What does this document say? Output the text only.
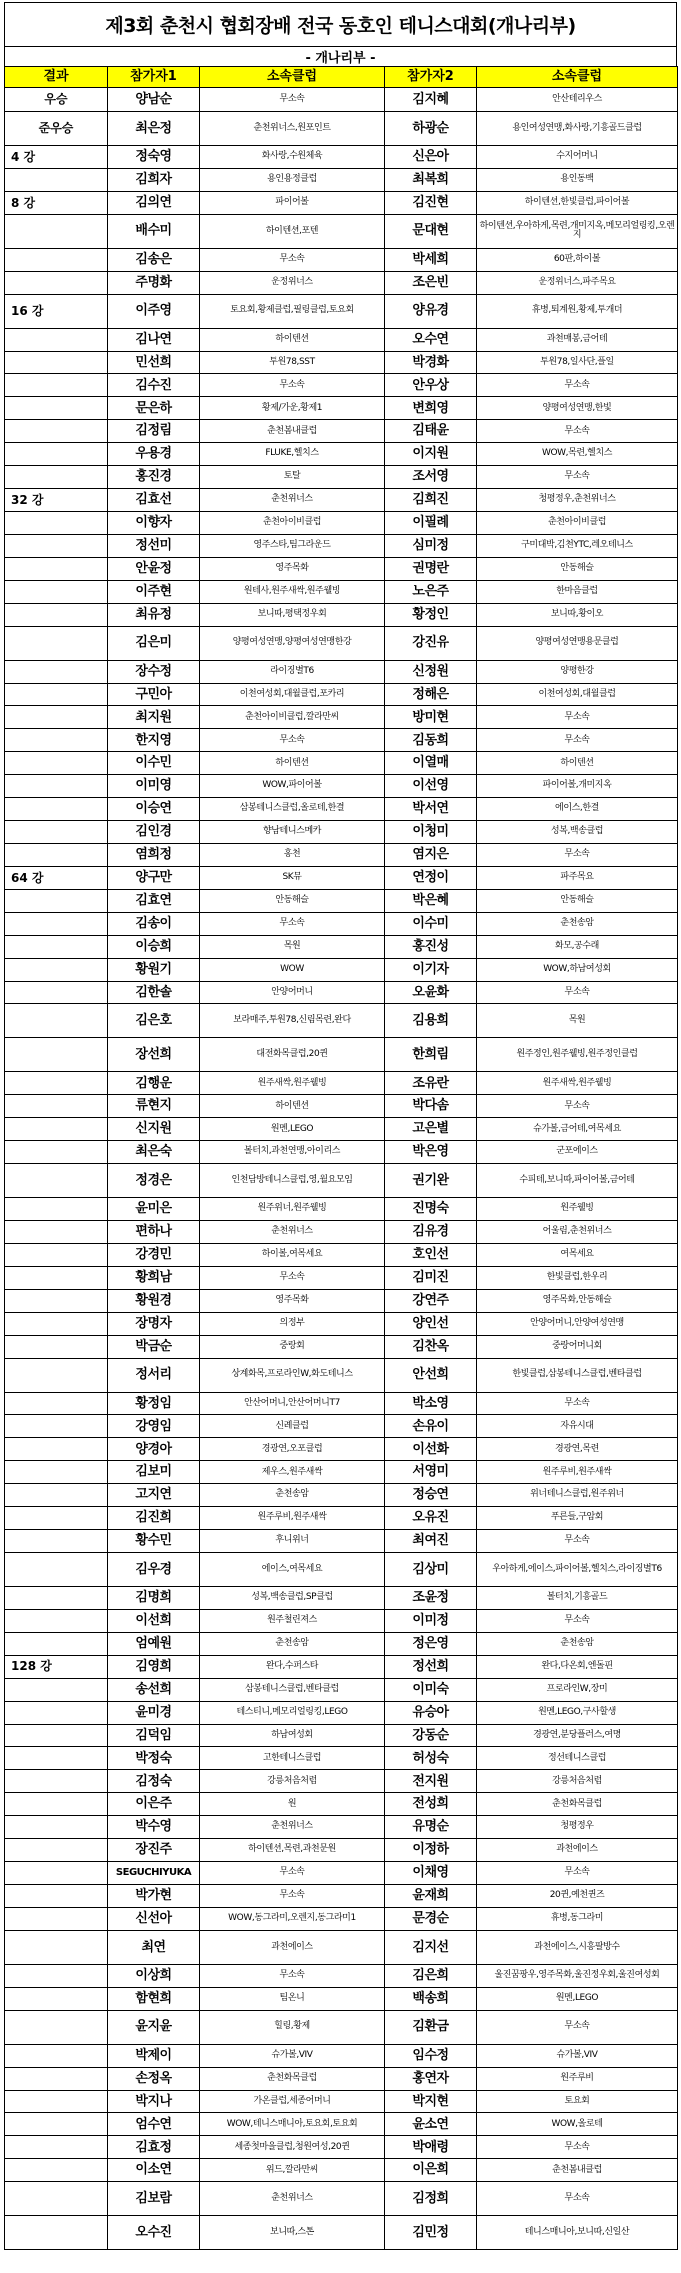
제3회 춘천시 협회장배 전국 동호인 테니스대회(개나리부)
- 개나리부 -
결과	참가자1	소속클럽	참가자2	소속클럽
우승	양남순	무소속	김지혜	안산테리우스
준우승	최은정	춘천위너스,원포인트	하광순	용인여성연맹,화사랑,기흥골드클럽
4 강	정숙영	화사랑,수원체육	신은아	수지어머니
	김희자	용인용정클럽	최복희	용인동백
8 강	김의연	파이어볼	김진현	하이텐션,한빛클럽,파이어볼
	배수미	하이텐션,포텐	문대현	하이텐션,우아하게,목련,개미지옥,메모리얼링킹,오렌지
	김송은	무소속	박세희	60판,하이볼
	주명화	운정위너스	조은빈	운정위너스,파주목요
16 강	이주영	토요회,황제클럽,필링클럽,토요회	양유경	휴병,퇴계원,황제,투개더
	김나연	하이텐션	오수연	과천매봉,금어테
	민선희	투원78,SST	박경화	투원78,일사단,플일
	김수진	무소속	안우상	무소속
	문은하	황제/가운,황제1	변희영	양평여성연맹,한빛
	김정림	춘천봄내클럽	김태윤	무소속
	우용경	FLUKE,헬치스	이지원	WOW,목련,헬치스
	홍진경	토탈	조서영	무소속
32 강	김효선	춘천위너스	김희진	청평정우,춘천위너스
	이향자	춘천아이비클럽	이필례	춘천아이비클럽
	정선미	영주스타,팀그라운드	심미정	구미대박,김천YTC,레오테니스
	안윤정	영주목화	권명란	안동해슬
	이주현	원테사,원주새싹,원주웰빙	노은주	한마음클럽
	최유정	보니따,평택정우회	황정인	보니따,황이오
	김은미	양평여성연맹,양평여성연맹한강	강진유	양평여성연맹용문클럽
	장수정	라이징별T6	신정원	양평한강
	구민아	이천여성회,대월클럽,포카리	정해은	이천여성회,대월클럽
	최지원	춘천아이비클럽,깔라만씨	방미현	무소속
	한지영	무소속	김동희	무소속
	이수민	하이텐션	이열매	하이텐션
	이미영	WOW,파이어볼	이선영	파이어볼,개미지옥
	이승연	삼봉테니스클럽,올로테,한결	박서연	에이스,한결
	김인경	향남테니스메카	이청미	성복,백송클럽
	염희정	홍천	염지은	무소속
64 강	양구만	SK뮤	연정이	파주목요
	김효연	안동해슬	박은혜	안동해슬
	김송이	무소속	이수미	춘천송암
	이승희	목원	홍진성	화모,공수래
	황원기	WOW	이기자	WOW,하남여성회
	김한솔	안양어머니	오윤화	무소속
	김은호	보라매주,투원78,신림목련,완다	김용희	목원
	장선희	대전화목클럽,20퀸	한희림	원주정인,원주웰빙,원주정인클럽
	김행운	원주새싹,원주웰빙	조유란	원주새싹,원주웰빙
	류현지	하이텐션	박다솜	무소속
	신지원	원멘,LEGO	고은별	슈가볼,금어테,여목세요
	최은숙	볼터치,과천연맹,아이리스	박은영	군포에이스
	정경은	인천담방테니스클럽,영,월요모임	권기완	수피테,보니따,파이어볼,금어테
	윤미은	원주위너,원주웰빙	진명숙	원주웰빙
	편하나	춘천위너스	김유경	어울림,춘천위너스
	강경민	하이볼,여목세요	호인선	여목세요
	황희남	무소속	김미진	한빛클럽,한우리
	황원경	영주목화	강연주	영주목화,안동해슬
	장명자	의정부	양인선	안양어머니,안양여성연맹
	박금순	중랑회	김찬옥	중랑어머니회
	정서리	상계화목,프로라인W,화도테니스	안선희	한빛클럽,삼봉테니스클럽,벤타클럽
	황정임	안산어머니,안산어머니T7	박소영	무소속
	강영임	신례클럽	손유이	자유시대
	양경아	경광연,오포클럽	이선화	경광연,목련
	김보미	제우스,원주새싹	서영미	원주루비,원주새싹
	고지연	춘천송암	정승연	위너테니스클럽,원주위너
	김진희	원주루비,원주새싹	오유진	푸른들,구암회
	황수민	후니위너	최여진	무소속
	김우경	에이스,여목세요	김상미	우아하게,에이스,파이어볼,헬치스,라이징별T6
	김명희	성복,백송클럽,SP클럽	조윤정	볼터치,기흥골드
	이선희	원주철린져스	이미정	무소속
	엄예원	춘천송암	정은영	춘천송암
128 강	김영희	완다,수퍼스타	정선희	완다,다온회,엔돌핀
	송선희	삼봉테니스클럽,벤타클럽	이미숙	프로라인W,장미
	윤미경	테스티니,메모리얼링킹,LEGO	유승아	원멘,LEGO,구사할생
	김덕임	하남여성회	강동순	경광연,분당플러스,여명
	박정숙	고한테니스클럽	허성숙	정선테니스클럽
	김정숙	강릉처음처럼	전지원	강릉처음처럼
	이은주	원	전성희	춘천화목클럽
	박수영	춘천위너스	유명순	청평정우
	장진주	하이텐션,목련,과천문원	이정하	과천에이스
	SEGUCHIYUKA	무소속	이채영	무소속
	박가현	무소속	윤재희	20퀸,예천퀸즈
	신선아	WOW,동그라미,오렌지,동그라미1	문경순	휴병,동그라미
	최연	과천에이스	김지선	과천에이스,시흥팔방수
	이상희	무소속	김은희	울진꿈팡우,영주목화,울진정우회,울진여성회
	함현희	팀온니	백송희	원멘,LEGO
	윤지윤	힐링,황제	김환금	무소속
	박제이	슈가볼,VIV	임수정	슈가볼,VIV
	손정옥	춘천화목클럽	홍연자	원주루비
	박지나	가온클럽,세종어머니	박지현	토요회
	엄수연	WOW,테니스매니아,토요회,토요회	윤소연	WOW,올로테
	김효정	세종첫마을클럽,청원여성,20퀸	박애령	무소속
	이소연	위드,깔라만씨	이은희	춘천봄내클럽
	김보람	춘천위너스	김정희	무소속
	오수진	보니따,스톤	김민정	테니스매니아,보니따,신일산
